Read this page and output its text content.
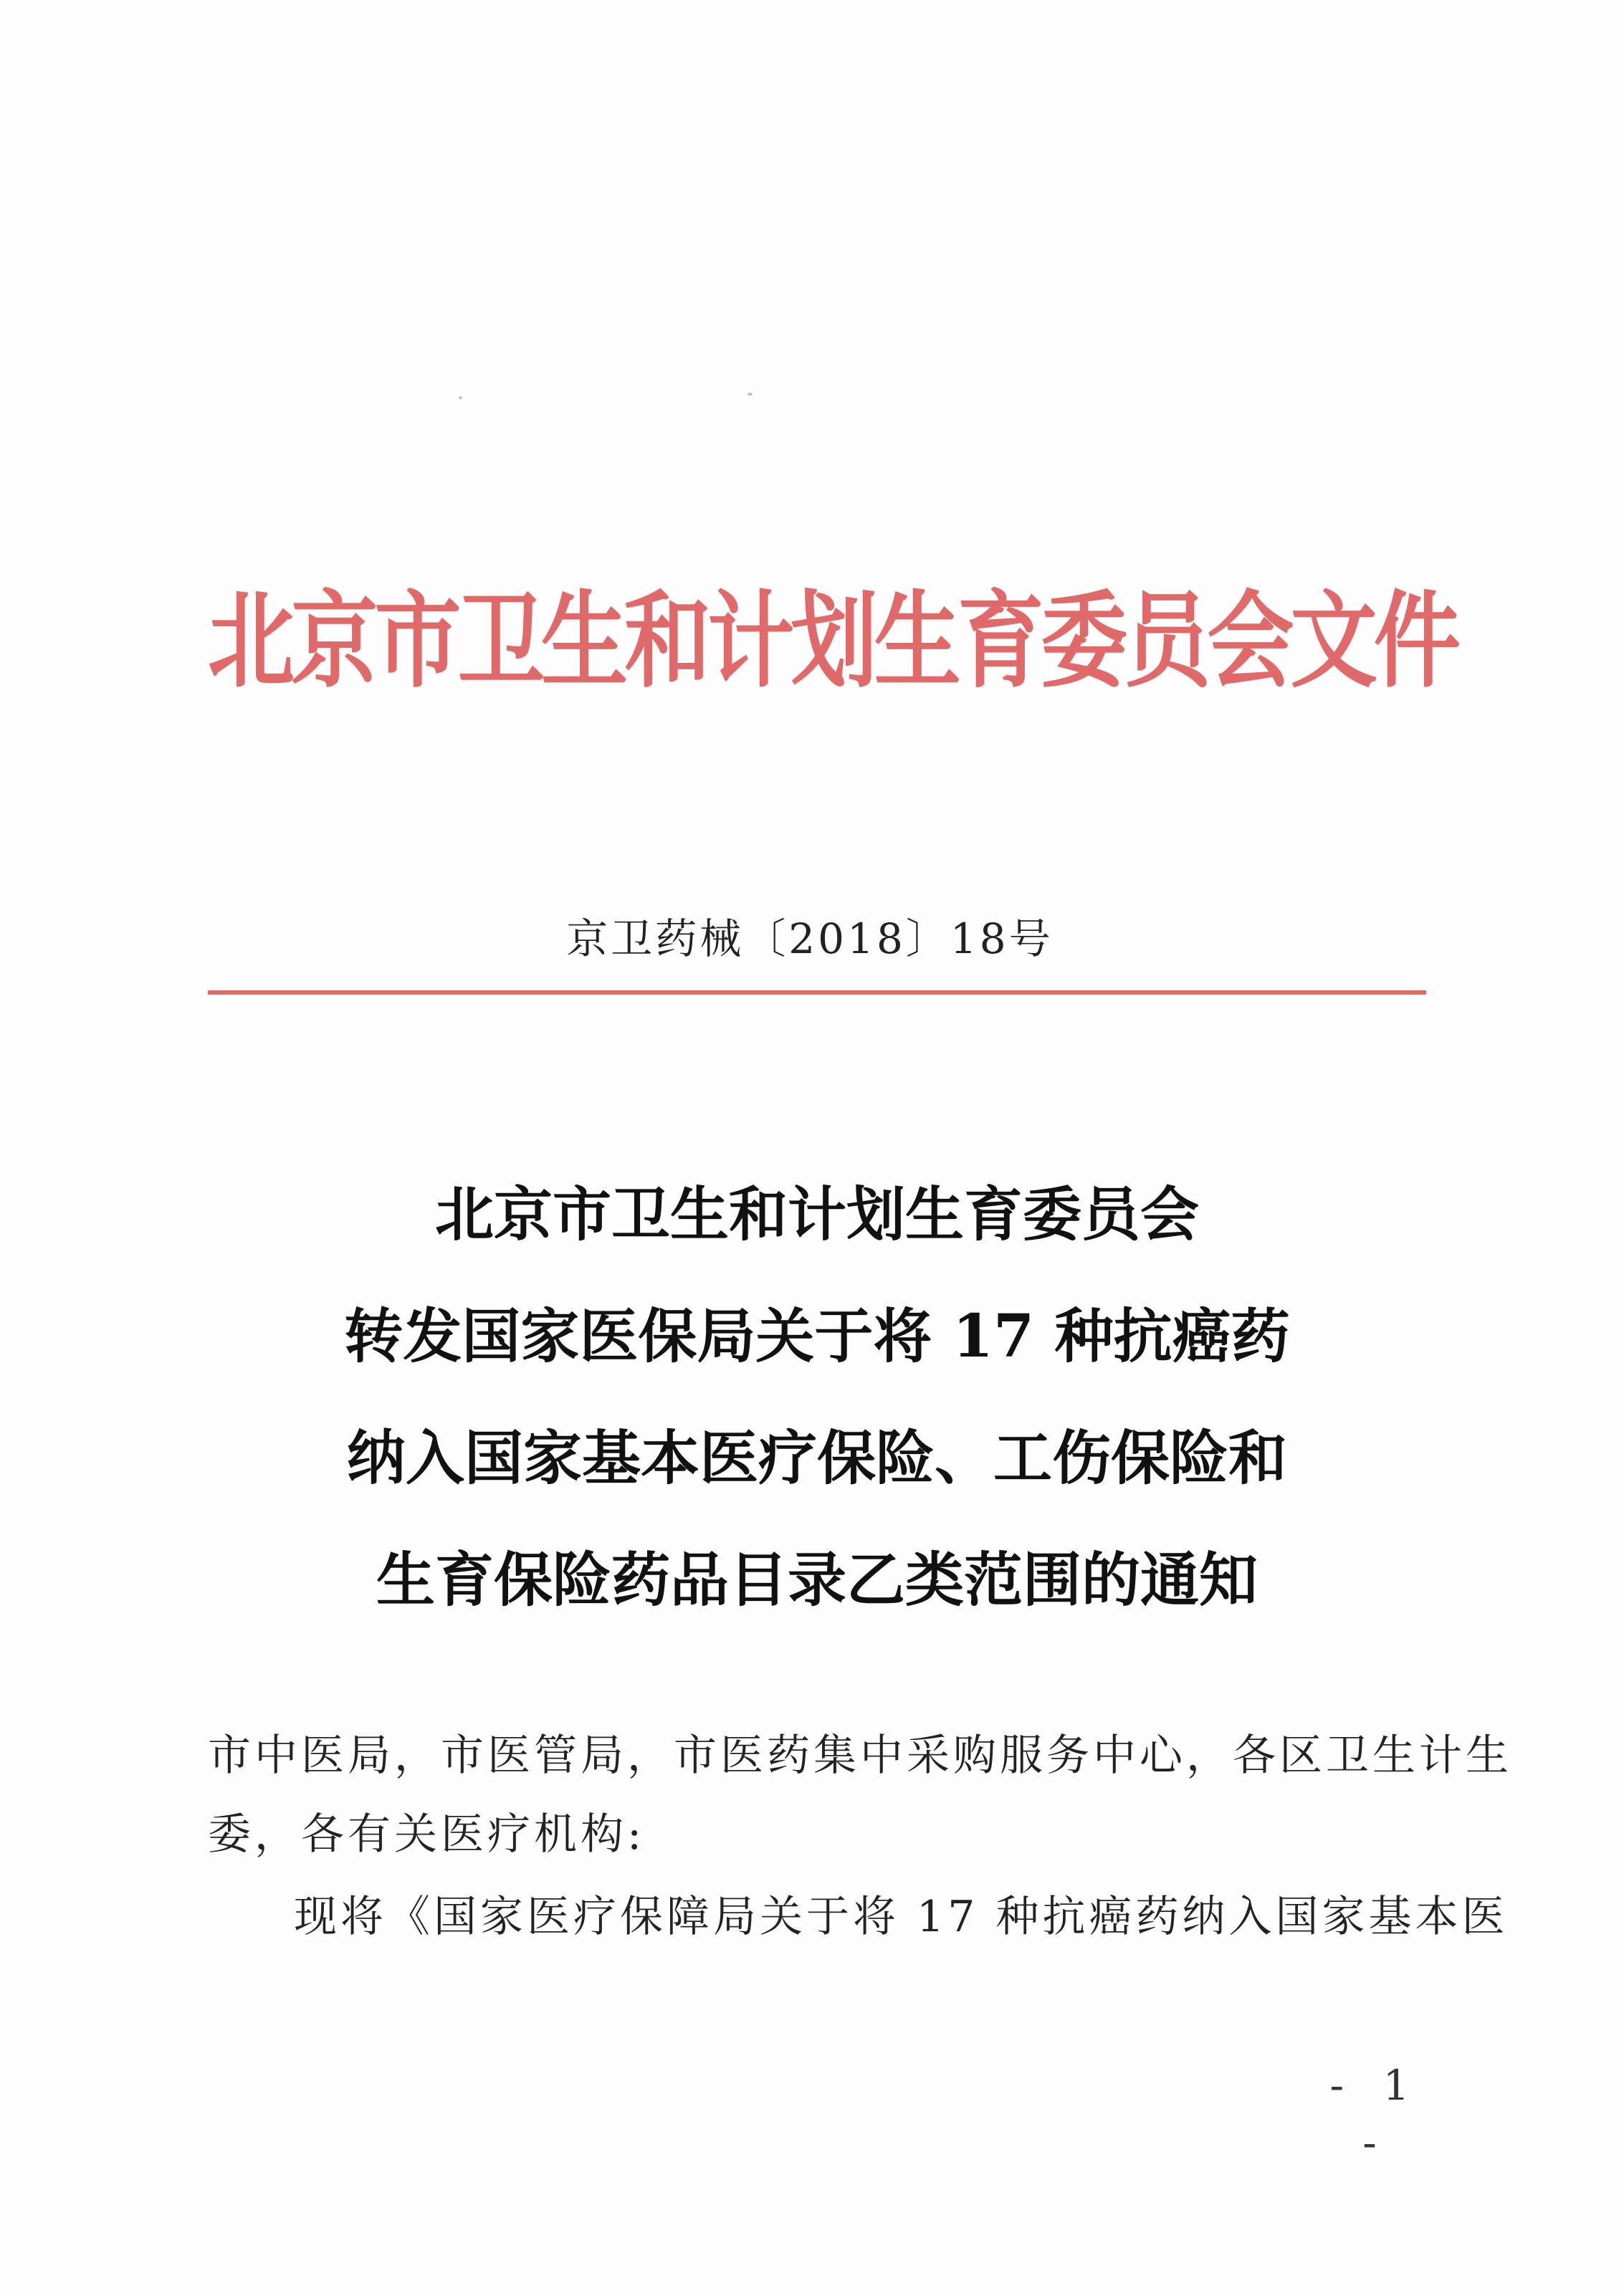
北京市卫生和计划生育委员会文件
京卫药械〔2018〕18号
北京市卫生和计划生育委员会
转发国家医保局关于将 17 种抗癌药
纳入国家基本医疗保险、工伤保险和
生育保险药品目录乙类范围的通知
市中医局，市医管局，市医药集中采购服务中心，各区卫生计生
委，各有关医疗机构:
现将《国家医疗保障局关于将 17 种抗癌药纳入国家基本医
- 1 -
